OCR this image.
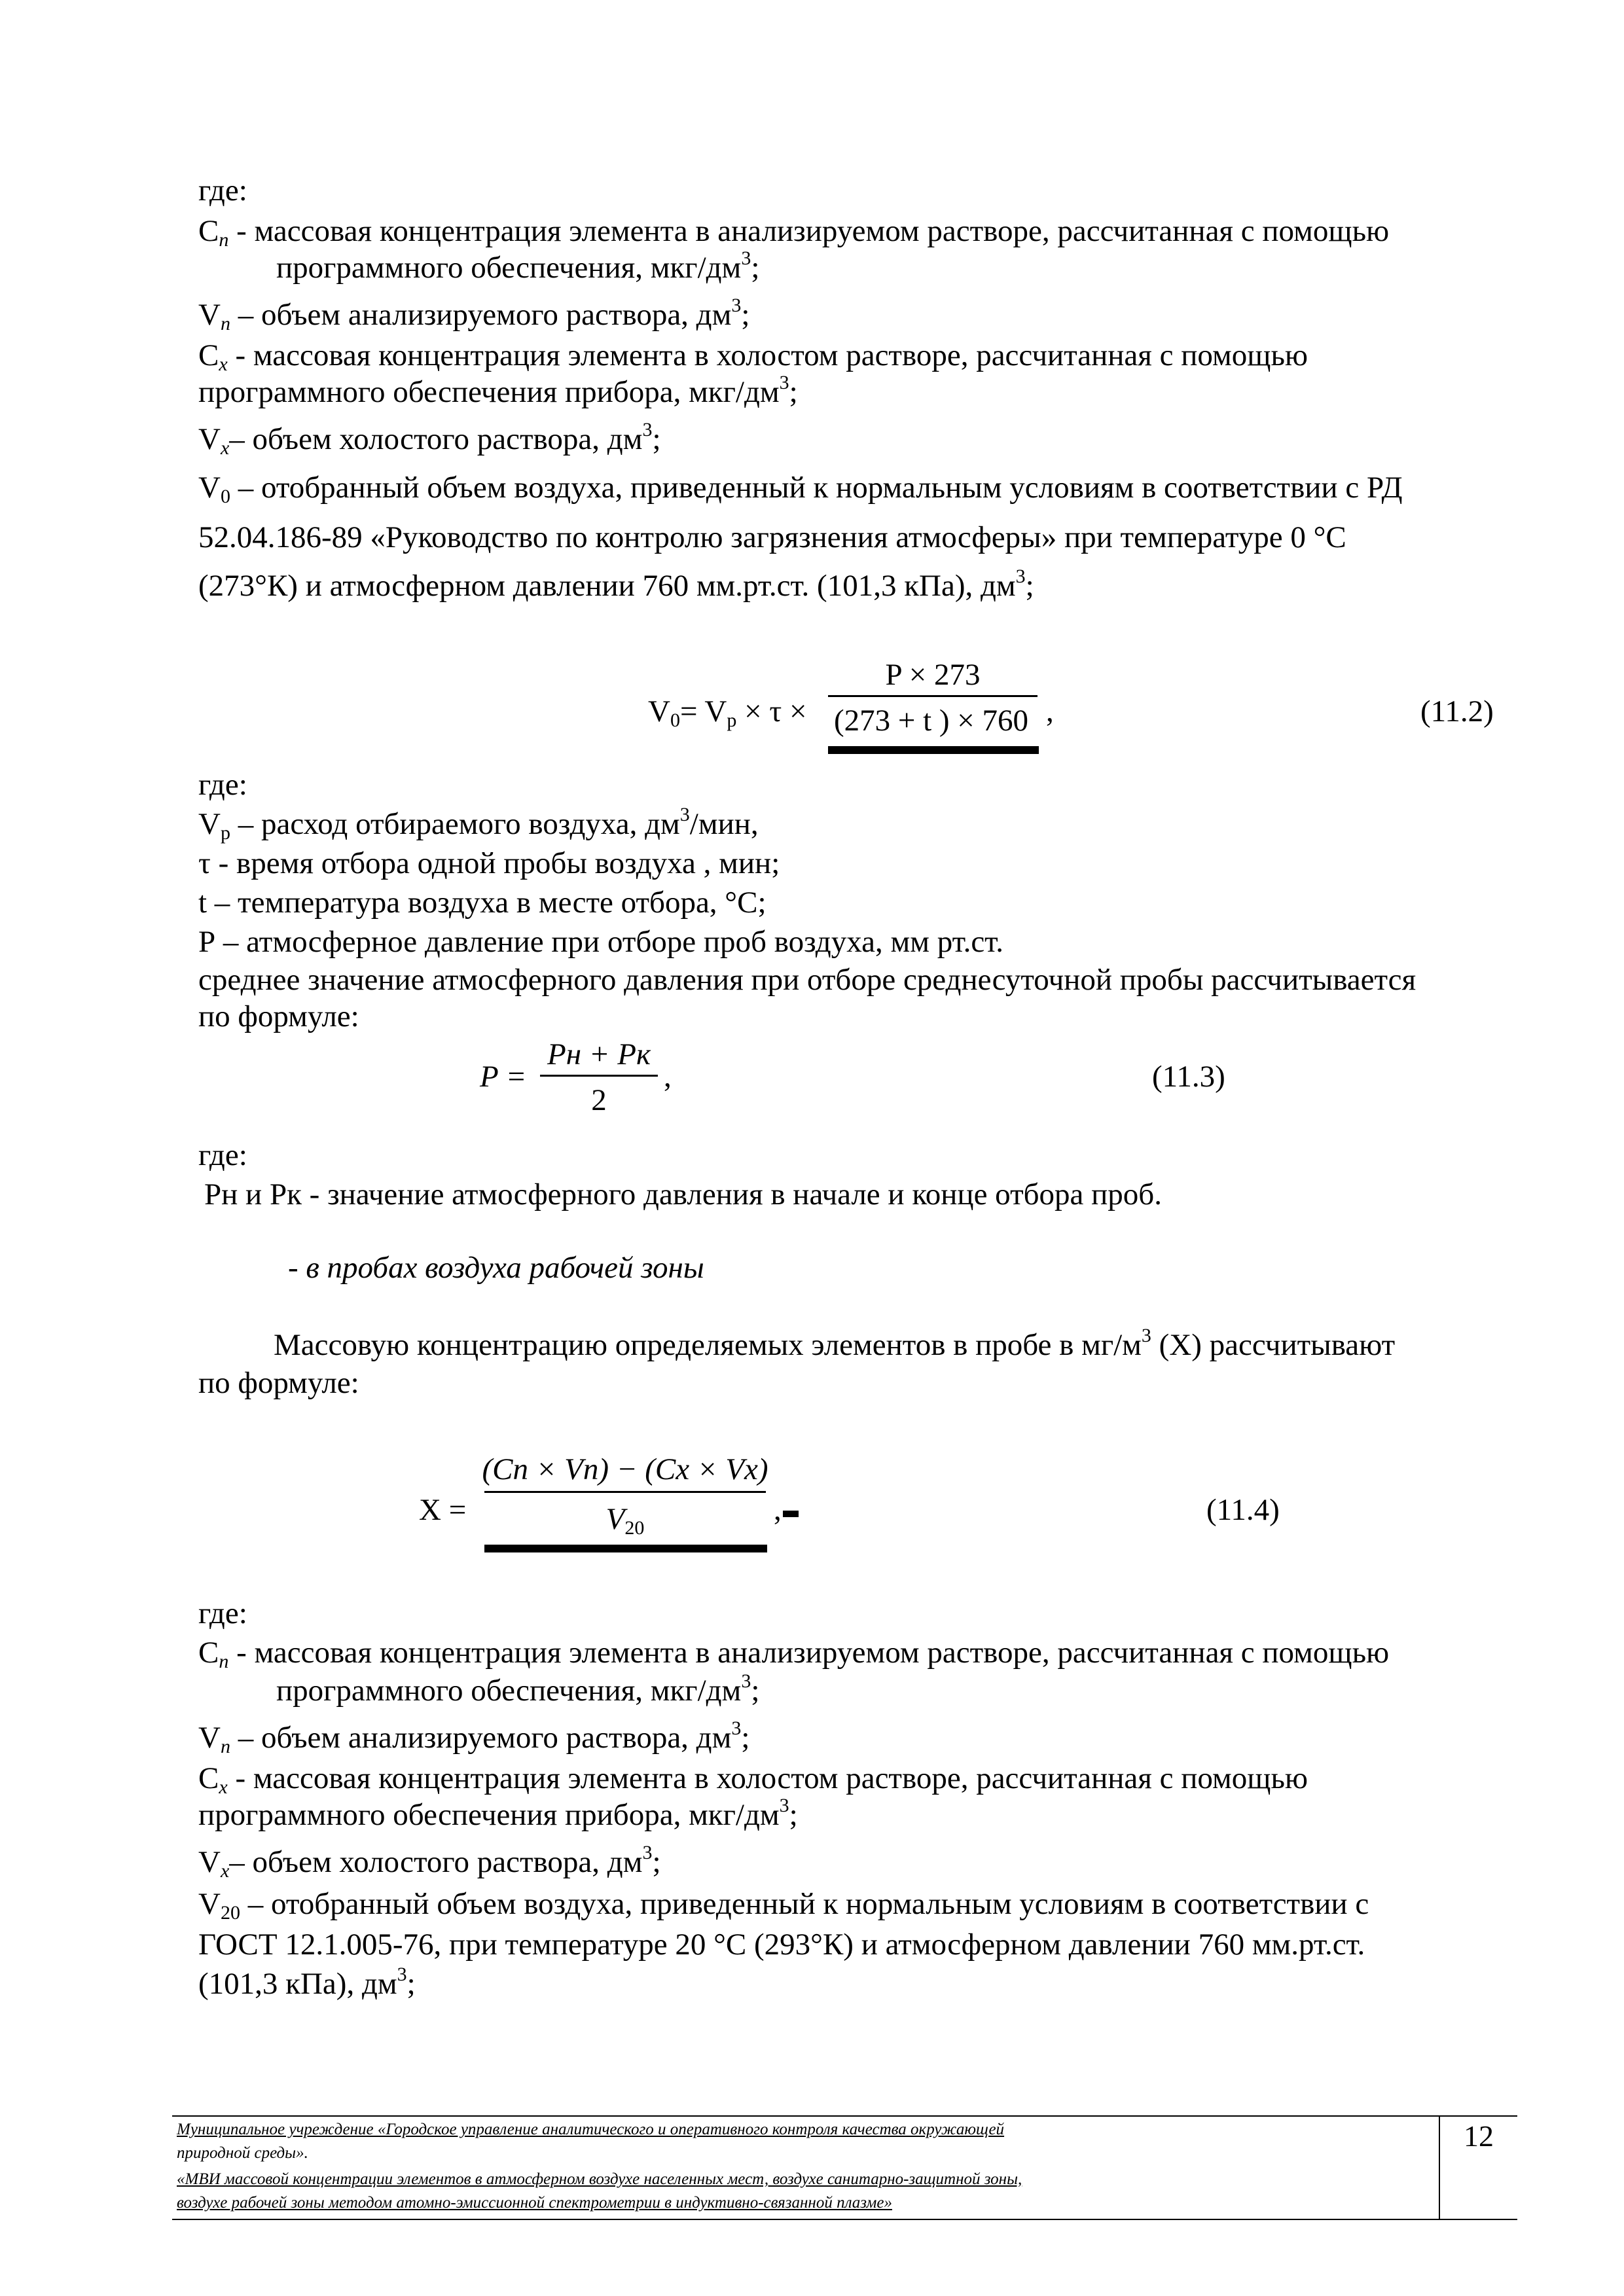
где:
$С_п$ - массовая концентрация элемента в анализируемом растворе, рассчитанная с помощью
программного обеспечения, мкг/$дм^3$;
$V_п$ – объем анализируемого раствора, $дм^3$;
$С_x$ - массовая концентрация элемента в холостом растворе, рассчитанная с помощью
программного обеспечения прибора, мкг/$дм^3$;
$V_x-$ объем холостого раствора, $дм^3$;
$V_0$ – отобранный объем воздуха, приведенный к нормальным условиям в соответствии с РД
52.04.186-89 «Руководство по контролю загрязнения атмосферы» при температуре 0 °С
(273°К) и атмосферном давлении 760 мм.рт.ст. (101,3 кПа), $дм^3$;
$V_0= V_р \times \tau$ ×
P × 273
(273 + t ) × 760 ,	(11.2)
где:
$V_р$ – расход отбираемого воздуха, $дм^3$/мин,
τ - время отбора одной пробы воздуха , мин;
t – температура воздуха в месте отбора, °С;
Р – атмосферное давление при отборе проб воздуха, мм рт.ст.
среднее значение атмосферного давления при отборе среднесуточной пробы рассчитывается
по формуле:
P =
Pн + Pк
2
,	(11.3)
где:
Рн и Рк - значение атмосферного давления в начале и конце отбора проб.
- в пробах воздуха рабочей зоны
Массовую концентрацию определяемых элементов в пробе в $мг/м^3$ (Х) рассчитывают
по формуле:
X =
(Cn × Vn) − (Cx × Vx)
$V_{20}$
,	(11.4)
где:
$С_п$ - массовая концентрация элемента в анализируемом растворе, рассчитанная с помощью
программного обеспечения, мкг/$дм^3$;
$V_п$ – объем анализируемого раствора, $дм^3$;
$С_x$ - массовая концентрация элемента в холостом растворе, рассчитанная с помощью
программного обеспечения прибора, мкг/$дм^3$;
$V_x-$ объем холостого раствора, $дм^3$;
$V_{20}$ – отобранный объем воздуха, приведенный к нормальным условиям в соответствии с
ГОСТ 12.1.005-76, при температуре 20 °С (293°К) и атмосферном давлении 760 мм.рт.ст.
(101,3 кПа), $дм^3$;
Муниципальное учреждение «Городское управление аналитического и оперативного контроля качества окружающей
природной среды».
«МВИ массовой концентрации элементов в атмосферном воздухе населенных мест, воздухе санитарно-защитной зоны,
воздухе рабочей зоны методом атомно-эмиссионной спектрометрии в индуктивно-связанной плазме»
12
